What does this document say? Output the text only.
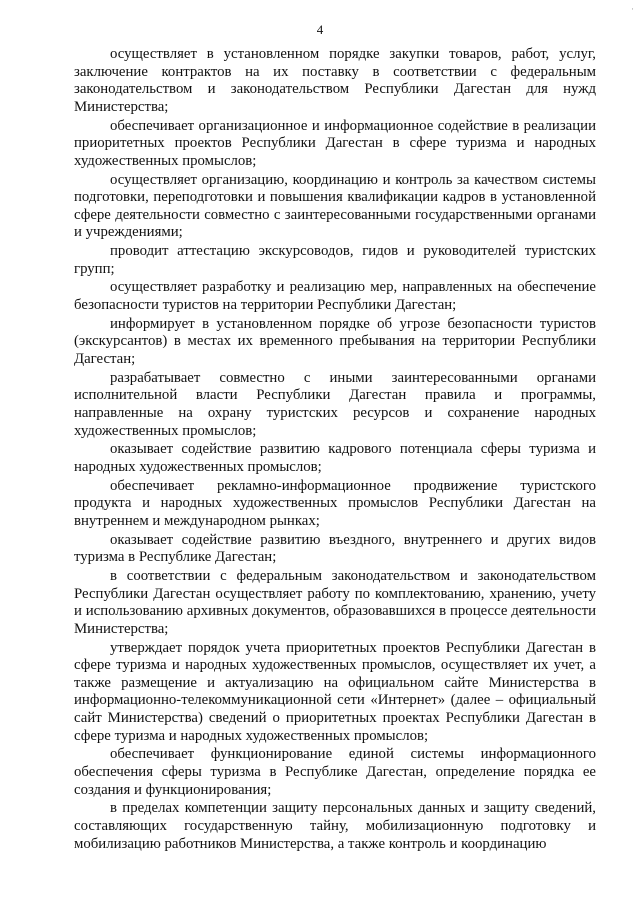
·
4

осуществляет в установленном порядке закупки товаров, работ, услуг, заключение контрактов на их поставку в соответствии с федеральным законодательством и законодательством Республики Дагестан для нужд Министерства;

обеспечивает организационное и информационное содействие в реализации приоритетных проектов Республики Дагестан в сфере туризма и народных художественных промыслов;

осуществляет организацию, координацию и контроль за качеством системы подготовки, переподготовки и повышения квалификации кадров в установленной сфере деятельности совместно с заинтересованными государственными органами и учреждениями;

проводит аттестацию экскурсоводов, гидов и руководителей туристских групп;

осуществляет разработку и реализацию мер, направленных на обеспечение безопасности туристов на территории Республики Дагестан;

информирует в установленном порядке об угрозе безопасности туристов (экскурсантов) в местах их временного пребывания на территории Республики Дагестан;

разрабатывает совместно с иными заинтересованными органами исполнительной власти Республики Дагестан правила и программы, направленные на охрану туристских ресурсов и сохранение народных художественных промыслов;

оказывает содействие развитию кадрового потенциала сферы туризма и народных художественных промыслов;

обеспечивает рекламно-информационное продвижение туристского продукта и народных художественных промыслов Республики Дагестан на внутреннем и международном рынках;

оказывает содействие развитию въездного, внутреннего и других видов туризма в Республике Дагестан;

в соответствии с федеральным законодательством и законодательством Республики Дагестан осуществляет работу по комплектованию, хранению, учету и использованию архивных документов, образовавшихся в процессе деятельности Министерства;

утверждает порядок учета приоритетных проектов Республики Дагестан в сфере туризма и народных художественных промыслов, осуществляет их учет, а также размещение и актуализацию на официальном сайте Министерства в информационно-телекоммуникационной сети «Интернет» (далее – официальный сайт Министерства) сведений о приоритетных проектах Республики Дагестан в сфере туризма и народных художественных промыслов;

обеспечивает функционирование единой системы информационного обеспечения сферы туризма в Республике Дагестан, определение порядка ее создания и функционирования;

в пределах компетенции защиту персональных данных и защиту сведений, составляющих государственную тайну, мобилизационную подготовку и мобилизацию работников Министерства, а также контроль и координацию
